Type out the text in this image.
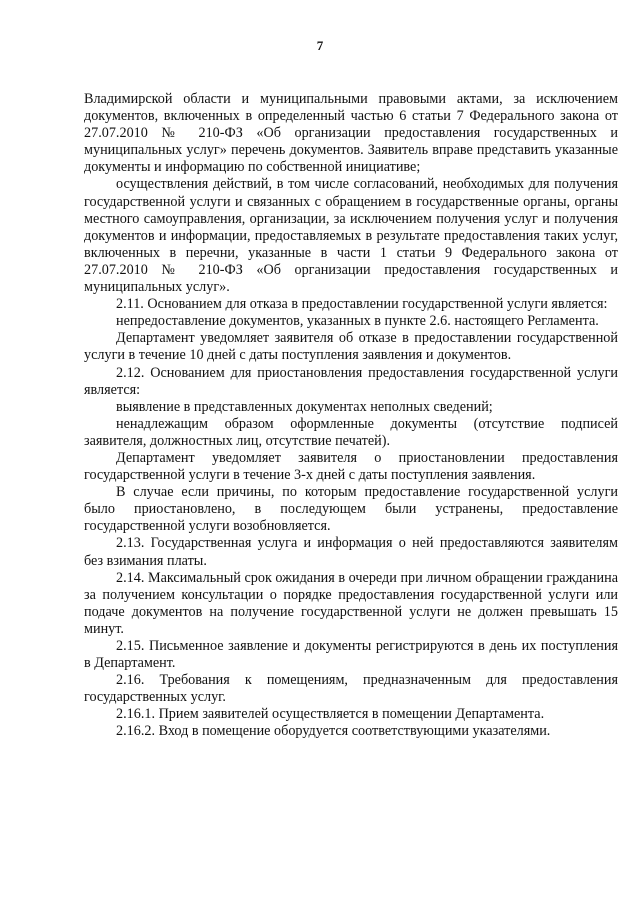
7

Владимирской области и муниципальными правовыми актами, за исключением документов, включенных в определенный частью 6 статьи 7 Федерального закона от 27.07.2010 № 210-ФЗ «Об организации предоставления государственных и муниципальных услуг» перечень документов. Заявитель вправе представить указанные документы и информацию по собственной инициативе;

осуществления действий, в том числе согласований, необходимых для получения государственной услуги и связанных с обращением в государственные органы, органы местного самоуправления, организации, за исключением получения услуг и получения документов и информации, предоставляемых в результате предоставления таких услуг, включенных в перечни, указанные в части 1 статьи 9 Федерального закона от 27.07.2010 № 210-ФЗ «Об организации предоставления государственных и муниципальных услуг».

2.11. Основанием для отказа в предоставлении государственной услуги является:

непредоставление документов, указанных в пункте 2.6. настоящего Регламента.

Департамент уведомляет заявителя об отказе в предоставлении государственной услуги в течение 10 дней с даты поступления заявления и документов.

2.12. Основанием для приостановления предоставления государственной услуги является:

выявление в представленных документах неполных сведений;

ненадлежащим образом оформленные документы (отсутствие подписей заявителя, должностных лиц, отсутствие печатей).

Департамент уведомляет заявителя о приостановлении предоставления государственной услуги в течение 3-х дней с даты поступления заявления.

В случае если причины, по которым предоставление государственной услуги было приостановлено, в последующем были устранены, предоставление государственной услуги возобновляется.

2.13. Государственная услуга и информация о ней предоставляются заявителям без взимания платы.

2.14. Максимальный срок ожидания в очереди при личном обращении гражданина за получением консультации о порядке предоставления государственной услуги или подаче документов на получение государственной услуги не должен превышать 15 минут.

2.15. Письменное заявление и документы регистрируются в день их поступления в Департамент.

2.16. Требования к помещениям, предназначенным для предоставления государственных услуг.

2.16.1. Прием заявителей осуществляется в помещении Департамента.

2.16.2. Вход в помещение оборудуется соответствующими указателями.
